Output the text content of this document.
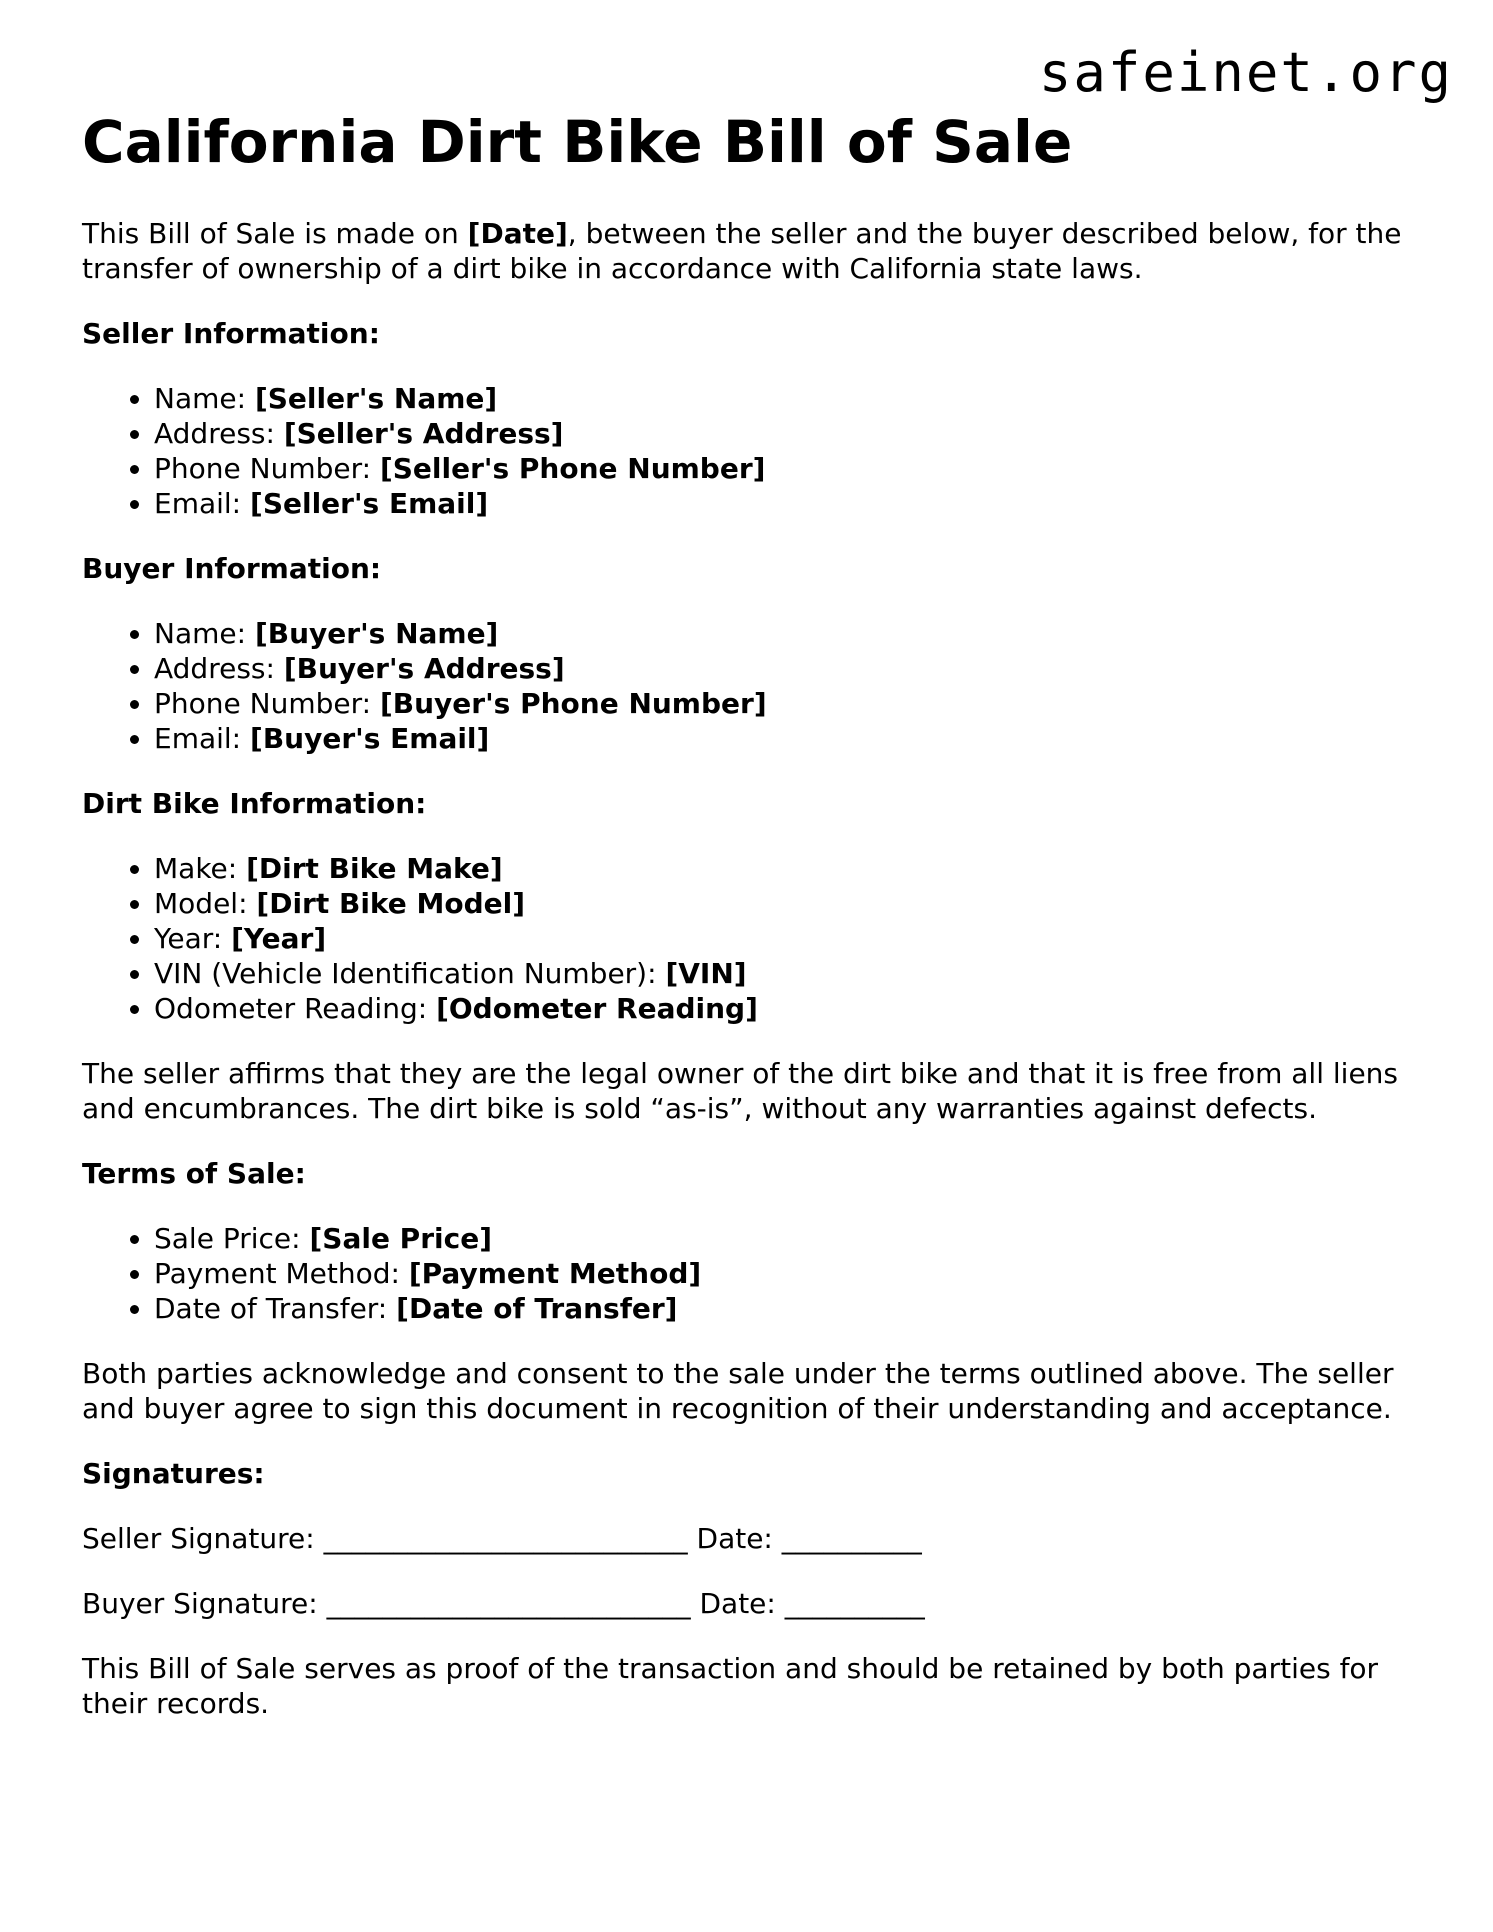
safeinet.org
California Dirt Bike Bill of Sale

This Bill of Sale is made on [Date], between the seller and the buyer described below, for the transfer of ownership of a dirt bike in accordance with California state laws.

Seller Information:
• Name: [Seller's Name]
• Address: [Seller's Address]
• Phone Number: [Seller's Phone Number]
• Email: [Seller's Email]
Buyer Information:
• Name: [Buyer's Name]
• Address: [Buyer's Address]
• Phone Number: [Buyer's Phone Number]
• Email: [Buyer's Email]
Dirt Bike Information:
• Make: [Dirt Bike Make]
• Model: [Dirt Bike Model]
• Year: [Year]
• VIN (Vehicle Identification Number): [VIN]
• Odometer Reading: [Odometer Reading]

The seller affirms that they are the legal owner of the dirt bike and that it is free from all liens and encumbrances. The dirt bike is sold “as-is”, without any warranties against defects.

Terms of Sale:
• Sale Price: [Sale Price]
• Payment Method: [Payment Method]
• Date of Transfer: [Date of Transfer]

Both parties acknowledge and consent to the sale under the terms outlined above. The seller and buyer agree to sign this document in recognition of their understanding and acceptance.

Signatures:
Seller Signature: __________________________ Date: __________
Buyer Signature: __________________________ Date: __________

This Bill of Sale serves as proof of the transaction and should be retained by both parties for their records.
